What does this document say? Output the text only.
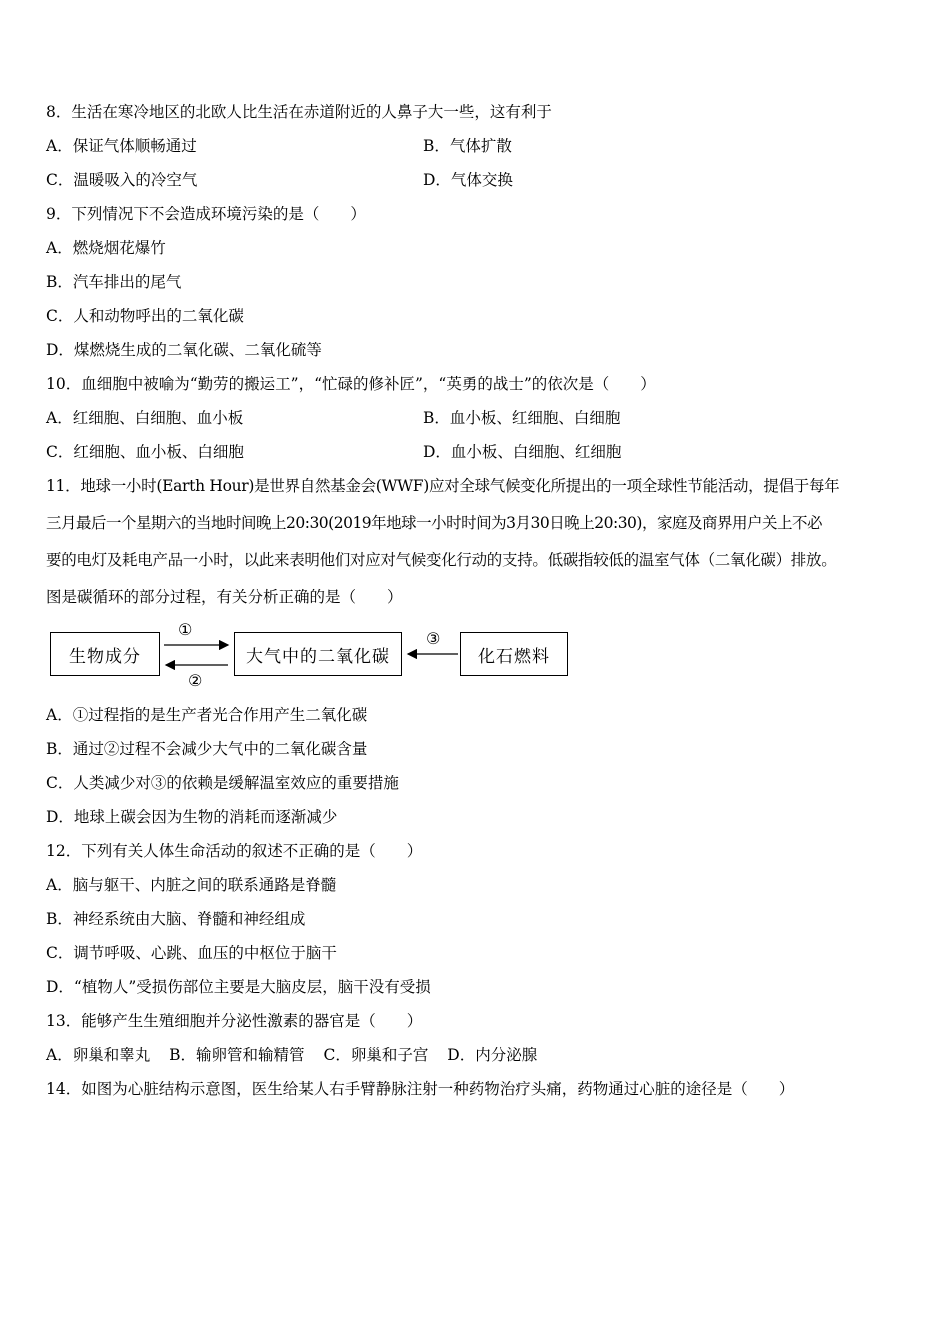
8．生活在寒冷地区的北欧人比生活在赤道附近的人鼻子大一些，这有利于
A．保证气体顺畅通过	B．气体扩散
C．温暖吸入的冷空气	D．气体交换
9．下列情况下不会造成环境污染的是（　　）
A．燃烧烟花爆竹
B．汽车排出的尾气
C．人和动物呼出的二氧化碳
D．煤燃烧生成的二氧化碳、二氧化硫等
10．血细胞中被喻为“勤劳的搬运工”，“忙碌的修补匠”，“英勇的战士”的依次是（　　）
A．红细胞、白细胞、血小板	B．血小板、红细胞、白细胞
C．红细胞、血小板、白细胞	D．血小板、白细胞、红细胞
11．地球一小时(Earth Hour)是世界自然基金会(WWF)应对全球气候变化所提出的一项全球性节能活动，提倡于每年
三月最后一个星期六的当地时间晚上20:30(2019年地球一小时时间为3月30日晚上20:30)，家庭及商界用户关上不必
要的电灯及耗电产品一小时，以此来表明他们对应对气候变化行动的支持。低碳指较低的温室气体（二氧化碳）排放。
图是碳循环的部分过程，有关分析正确的是（　　）
生物成分	大气中的二氧化碳	化石燃料
①
②
③
A．①过程指的是生产者光合作用产生二氧化碳
B．通过②过程不会减少大气中的二氧化碳含量
C．人类减少对③的依赖是缓解温室效应的重要措施
D．地球上碳会因为生物的消耗而逐渐减少
12．下列有关人体生命活动的叙述不正确的是（　　）
A．脑与躯干、内脏之间的联系通路是脊髓
B．神经系统由大脑、脊髓和神经组成
C．调节呼吸、心跳、血压的中枢位于脑干
D．“植物人”受损伤部位主要是大脑皮层，脑干没有受损
13．能够产生生殖细胞并分泌性激素的器官是（　　）
A．卵巢和睾丸 B．输卵管和输精管 C．卵巢和子宫 D．内分泌腺
14．如图为心脏结构示意图，医生给某人右手臂静脉注射一种药物治疗头痛，药物通过心脏的途径是（　　）
